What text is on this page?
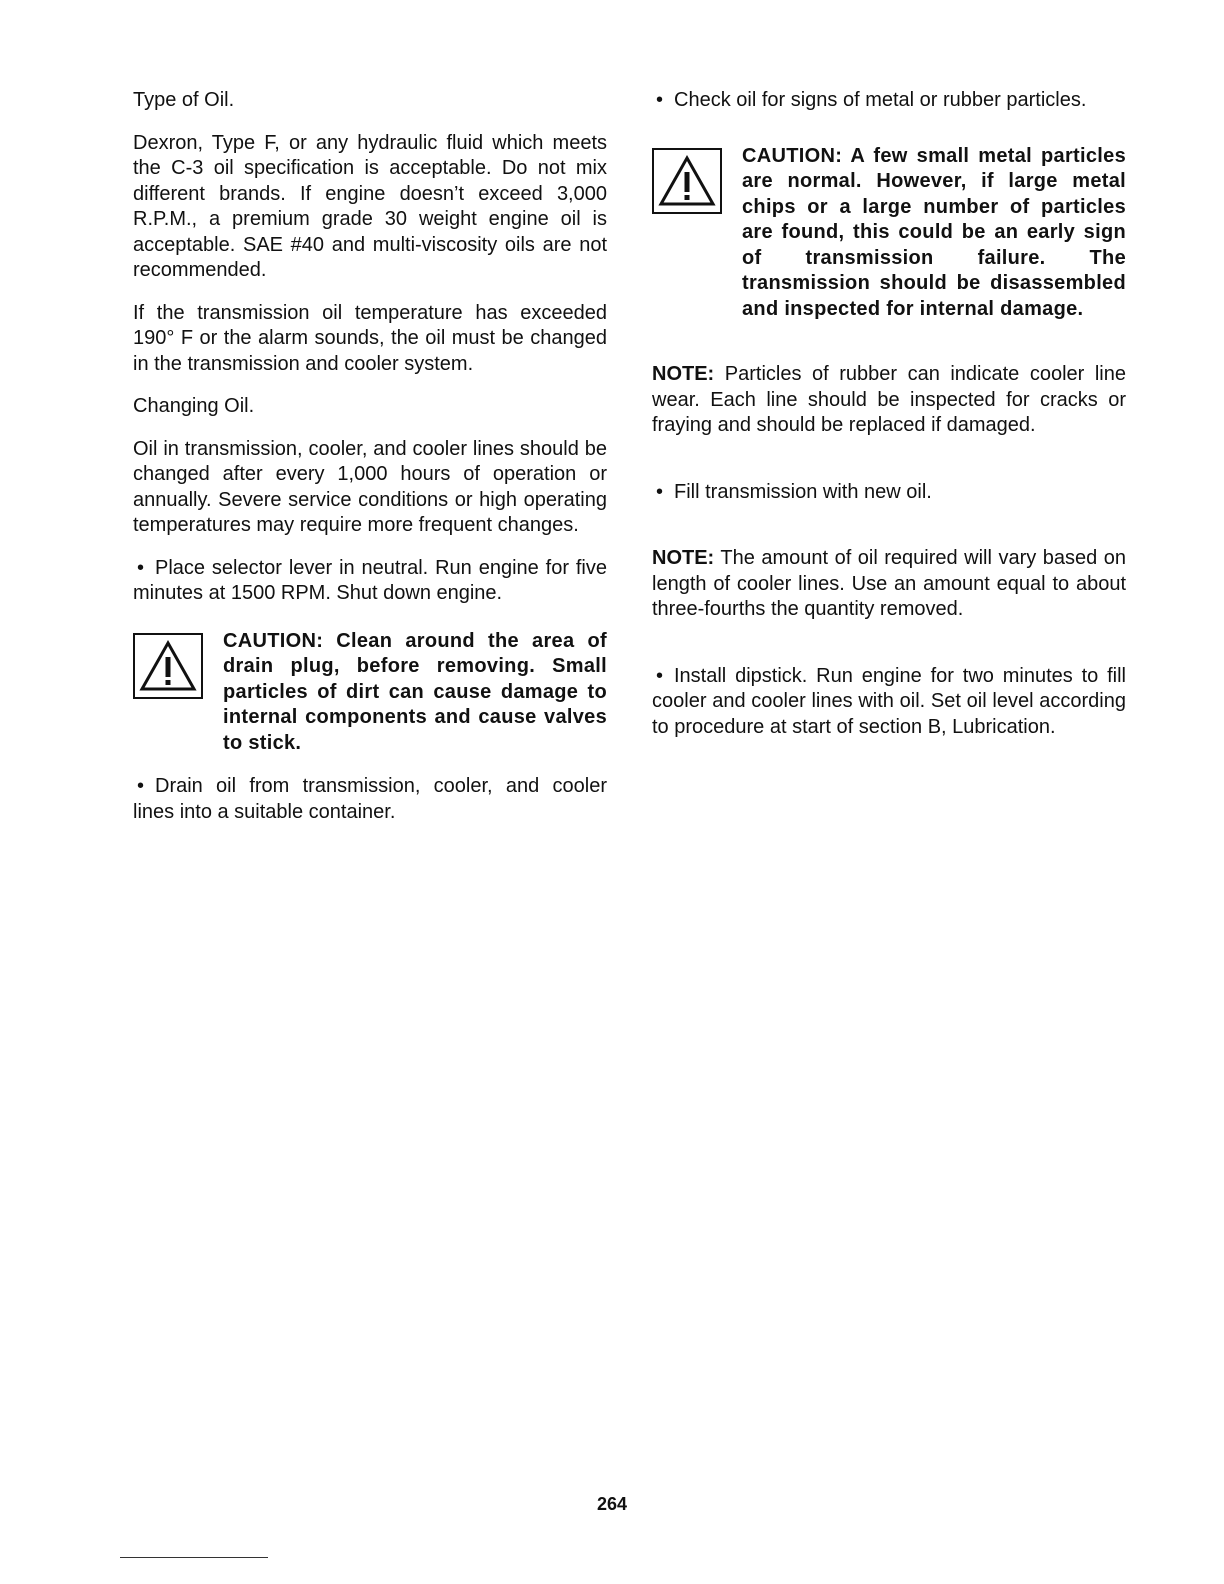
Type of Oil.

Dexron, Type F, or any hydraulic fluid which meets the C-3 oil specification is acceptable. Do not mix different brands. If engine doesn’t exceed 3,000 R.P.M., a premium grade 30 weight engine oil is acceptable. SAE #40 and multi-viscosity oils are not recommended.

If the transmission oil temperature has exceeded 190° F or the alarm sounds, the oil must be changed in the transmission and cooler system.

Changing Oil.

Oil in transmission, cooler, and cooler lines should be changed after every 1,000 hours of operation or annually. Severe service conditions or high operating temperatures may require more frequent changes.

• Place selector lever in neutral. Run engine for five minutes at 1500 RPM. Shut down engine.

CAUTION: Clean around the area of drain plug, before removing. Small particles of dirt can cause damage to internal components and cause valves to stick.

• Drain oil from transmission, cooler, and cooler lines into a suitable container.

• Check oil for signs of metal or rubber particles.

CAUTION: A few small metal particles are normal. However, if large metal chips or a large number of particles are found, this could be an early sign of transmission failure. The transmission should be disassembled and inspected for internal damage.

NOTE: Particles of rubber can indicate cooler line wear. Each line should be inspected for cracks or fraying and should be replaced if damaged.

• Fill transmission with new oil.

NOTE: The amount of oil required will vary based on length of cooler lines. Use an amount equal to about three-fourths the quantity removed.

• Install dipstick. Run engine for two minutes to fill cooler and cooler lines with oil. Set oil level according to procedure at start of section B, Lubrication.

264
